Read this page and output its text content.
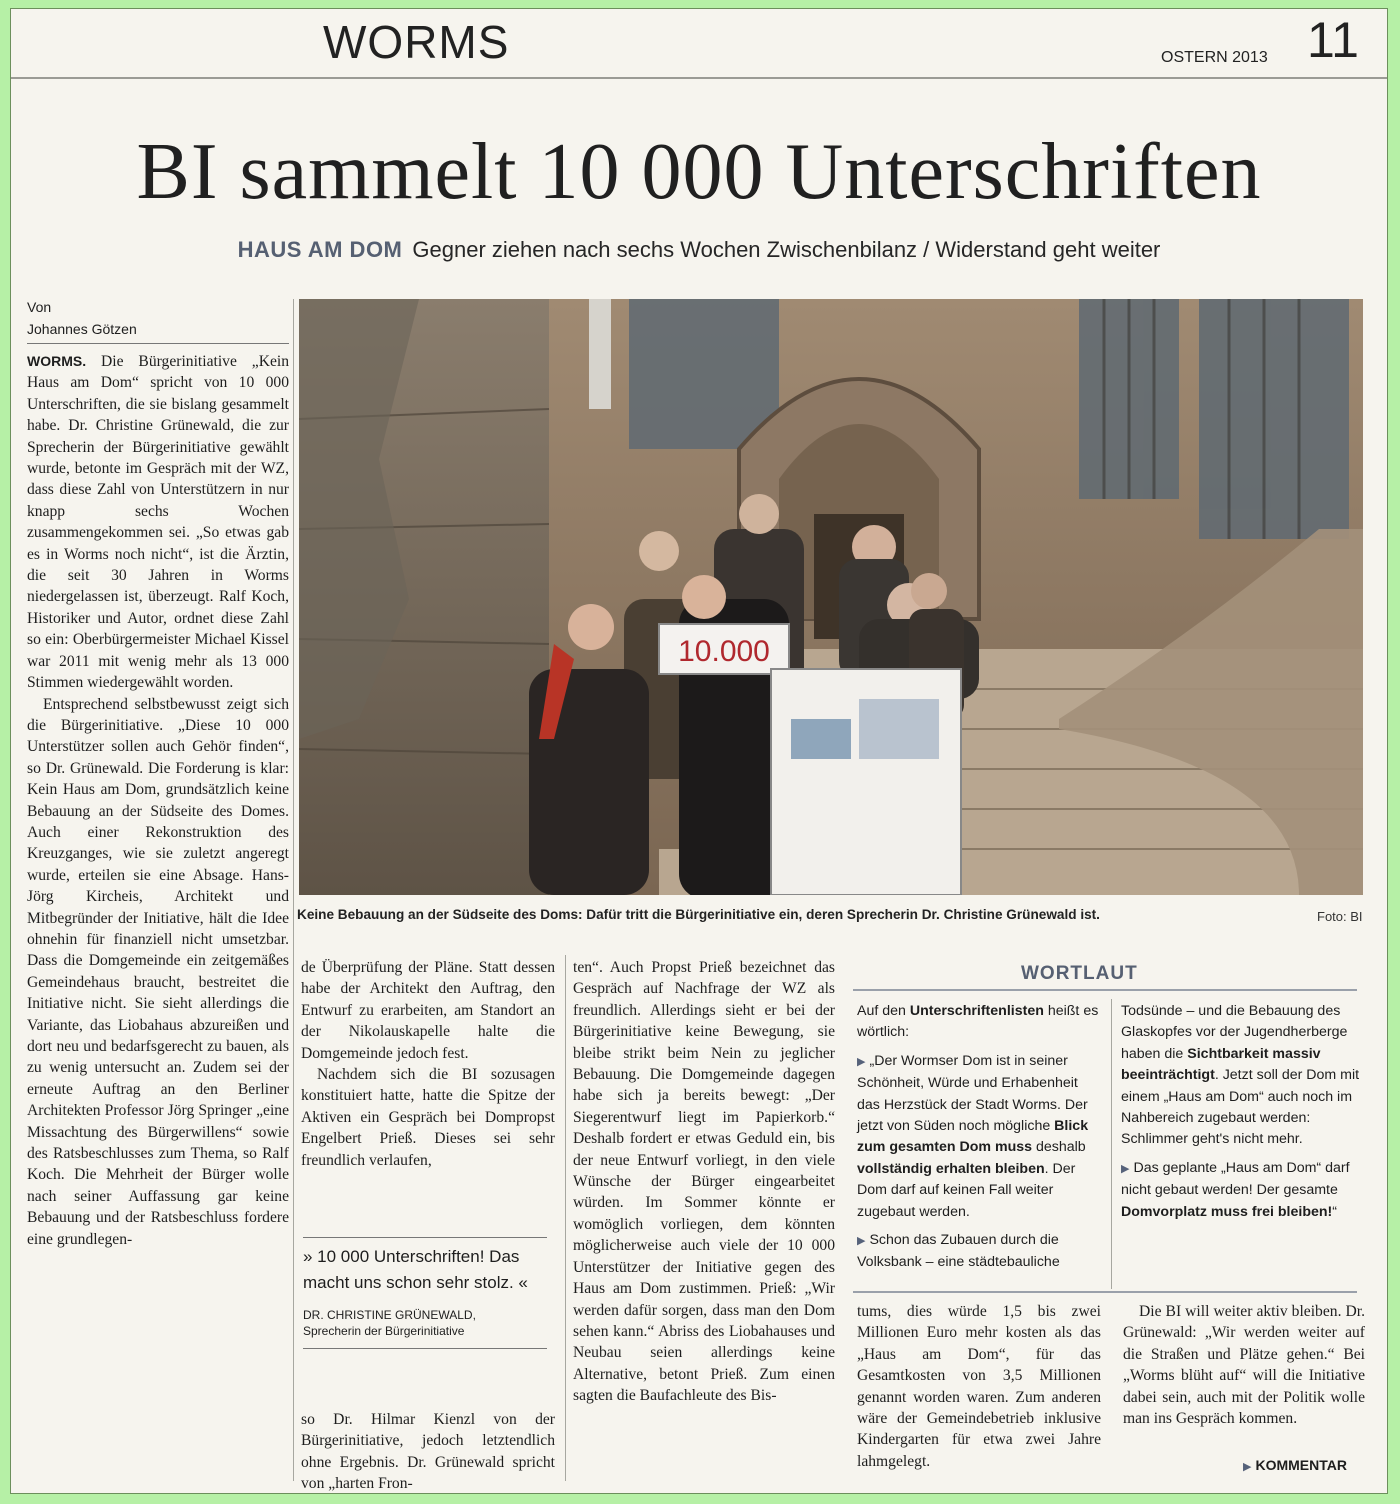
WORMS	OSTERN 2013 11
BI sammelt 10 000 Unterschriften
HAUS AM DOM Gegner ziehen nach sechs Wochen Zwischenbilanz / Widerstand geht weiter
Von
Johannes Götzen

WORMS. Die Bürgerinitiative „Kein Haus am Dom“ spricht von 10 000 Unterschriften, die sie bislang gesammelt habe. Dr. Christine Grünewald, die zur Sprecherin der Bürgerinitiative gewählt wurde, betonte im Gespräch mit der WZ, dass diese Zahl von Unterstützern in nur knapp sechs Wochen zusammengekommen sei. „So etwas gab es in Worms noch nicht“, ist die Ärztin, die seit 30 Jahren in Worms niedergelassen ist, überzeugt. Ralf Koch, Historiker und Autor, ordnet diese Zahl so ein: Oberbürgermeister Michael Kissel war 2011 mit wenig mehr als 13 000 Stimmen wiedergewählt worden.

Entsprechend selbstbewusst zeigt sich die Bürgerinitiative. „Diese 10 000 Unterstützer sollen auch Gehör finden“, so Dr. Grünewald. Die Forderung is klar: Kein Haus am Dom, grundsätzlich keine Bebauung an der Südseite des Domes. Auch einer Rekonstruktion des Kreuzganges, wie sie zuletzt angeregt wurde, erteilen sie eine Absage. Hans-Jörg Kircheis, Architekt und Mitbegründer der Initiative, hält die Idee ohnehin für finanziell nicht umsetzbar. Dass die Domgemeinde ein zeitgemäßes Gemeindehaus braucht, bestreitet die Initiative nicht. Sie sieht allerdings die Variante, das Liobahaus abzureißen und dort neu und bedarfsgerecht zu bauen, als zu wenig untersucht an. Zudem sei der erneute Auftrag an den Berliner Architekten Professor Jörg Springer „eine Missachtung des Bürgerwillens“ sowie des Ratsbeschlusses zum Thema, so Ralf Koch. Die Mehrheit der Bürger wolle nach seiner Auffassung gar keine Bebauung und der Ratsbeschluss fordere eine grundlegen-

10.000
Keine Bebauung an der Südseite des Doms: Dafür tritt die Bürgerinitiative ein, deren Sprecherin Dr. Christine Grünewald ist.	Foto: BI

de Überprüfung der Pläne. Statt dessen habe der Architekt den Auftrag, den Entwurf zu erarbeiten, am Standort an der Nikolauskapelle halte die Domgemeinde jedoch fest.

Nachdem sich die BI sozusagen konstituiert hatte, hatte die Spitze der Aktiven ein Gespräch bei Dompropst Engelbert Prieß. Dieses sei sehr freundlich verlaufen,

» 10 000 Unterschriften! Das macht uns schon sehr stolz. «
DR. CHRISTINE GRÜNEWALD,
Sprecherin der Bürgerinitiative

so Dr. Hilmar Kienzl von der Bürgerinitiative, jedoch letztendlich ohne Ergebnis. Dr. Grünewald spricht von „harten Fron-

ten“. Auch Propst Prieß bezeichnet das Gespräch auf Nachfrage der WZ als freundlich. Allerdings sieht er bei der Bürgerinitiative keine Bewegung, sie bleibe strikt beim Nein zu jeglicher Bebauung. Die Domgemeinde dagegen habe sich ja bereits bewegt: „Der Siegerentwurf liegt im Papierkorb.“ Deshalb fordert er etwas Geduld ein, bis der neue Entwurf vorliegt, in den viele Wünsche der Bürger eingearbeitet würden. Im Sommer könnte er womöglich vorliegen, dem könnten möglicherweise auch viele der 10 000 Unterstützer der Initiative gegen des Haus am Dom zustimmen. Prieß: „Wir werden dafür sorgen, dass man den Dom sehen kann.“ Abriss des Liobahauses und Neubau seien allerdings keine Alternative, betont Prieß. Zum einen sagten die Baufachleute des Bis-

WORTLAUT

Auf den Unterschriftenlisten heißt es wörtlich:

▶ „Der Wormser Dom ist in seiner Schönheit, Würde und Erhabenheit das Herzstück der Stadt Worms. Der jetzt von Süden noch mögliche Blick zum gesamten Dom muss deshalb vollständig erhalten bleiben. Der Dom darf auf keinen Fall weiter zugebaut werden.

▶ Schon das Zubauen durch die Volksbank – eine städtebauliche

Todsünde – und die Bebauung des Glaskopfes vor der Jugendherberge haben die Sichtbarkeit massiv beeinträchtigt. Jetzt soll der Dom mit einem „Haus am Dom“ auch noch im Nahbereich zugebaut werden: Schlimmer geht's nicht mehr.

▶ Das geplante „Haus am Dom“ darf nicht gebaut werden! Der gesamte Domvorplatz muss frei bleiben!“

tums, dies würde 1,5 bis zwei Millionen Euro mehr kosten als das „Haus am Dom“, für das Gesamtkosten von 3,5 Millionen genannt worden waren. Zum anderen wäre der Gemeindebetrieb inklusive Kindergarten für etwa zwei Jahre lahmgelegt.

Die BI will weiter aktiv bleiben. Dr. Grünewald: „Wir werden weiter auf die Straßen und Plätze gehen.“ Bei „Worms blüht auf“ will die Initiative dabei sein, auch mit der Politik wolle man ins Gespräch kommen.

▶ KOMMENTAR
